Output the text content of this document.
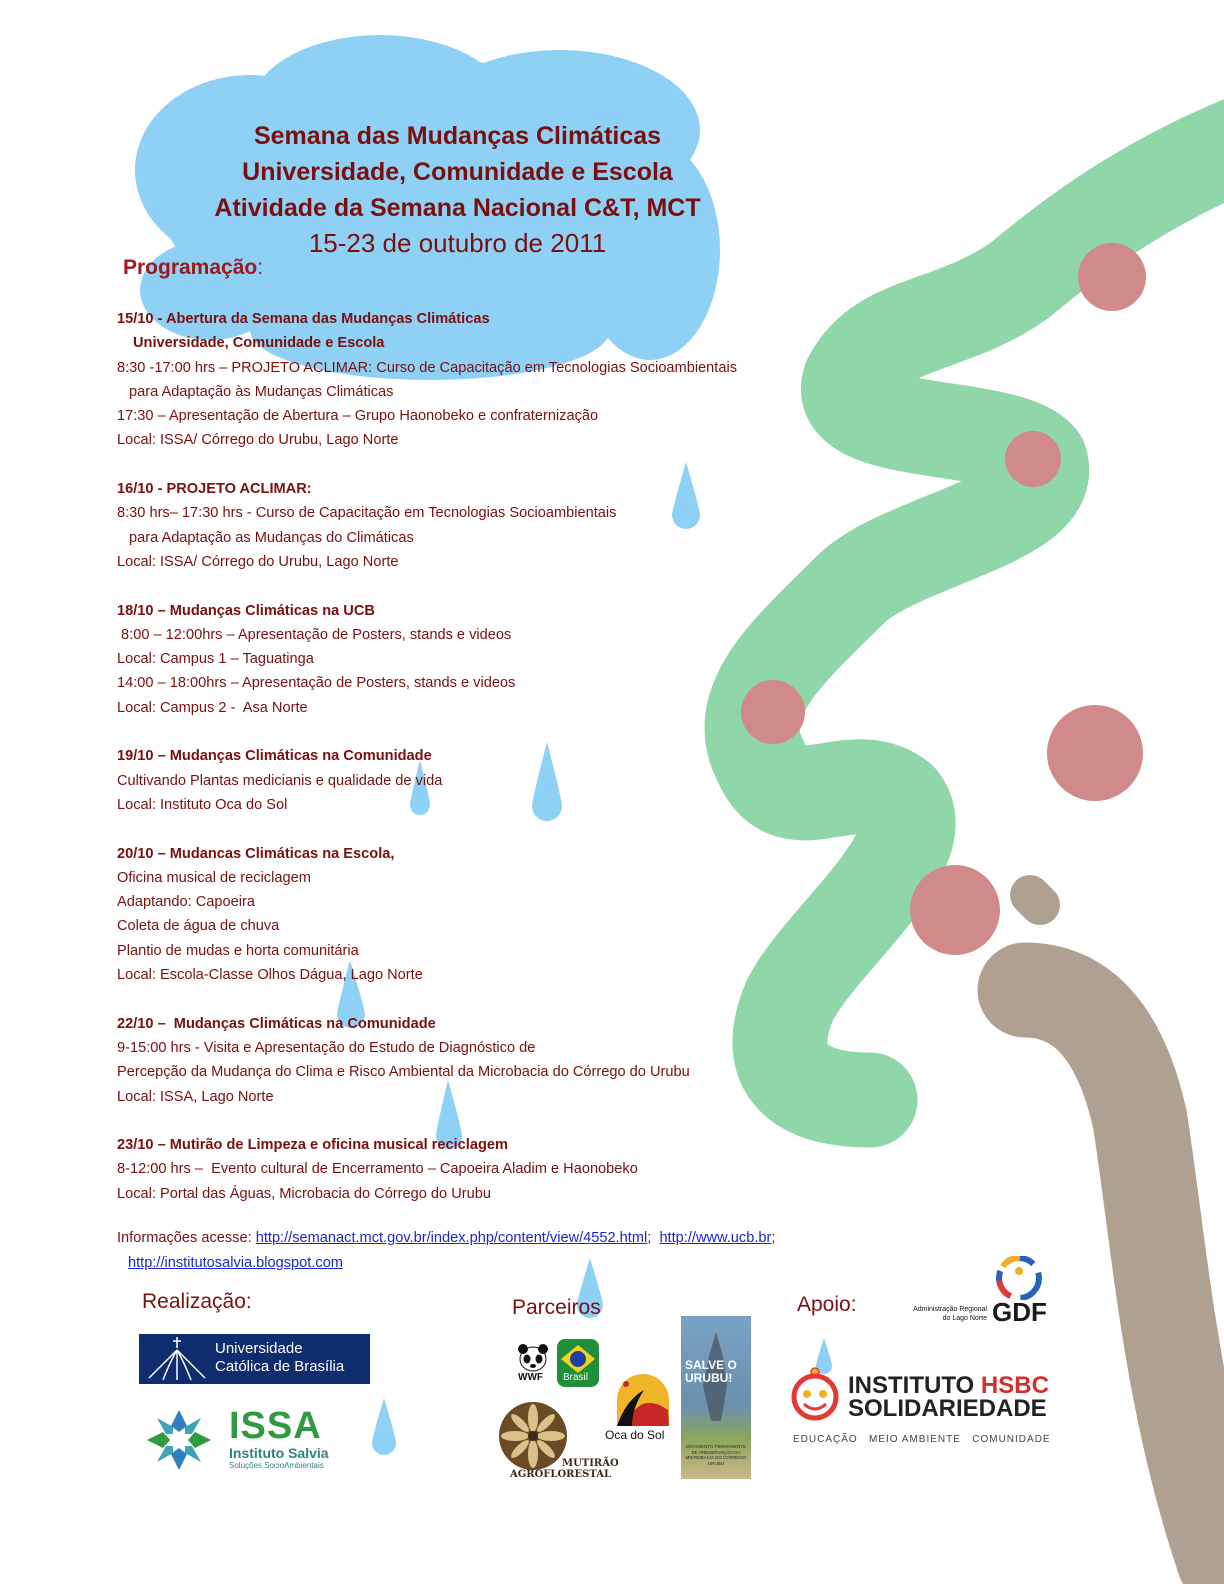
Semana das Mudanças Climáticas
Universidade, Comunidade e Escola
Atividade da Semana Nacional C&T, MCT
15-23 de outubro de 2011
Programação:
15/10 - Abertura da Semana das Mudanças Climáticas
Universidade, Comunidade e Escola
8:30 -17:00 hrs – PROJETO ACLIMAR: Curso de Capacitação em Tecnologias Socioambientais
para Adaptação às Mudanças Climáticas
17:30 – Apresentação de Abertura – Grupo Haonobeko e confraternização
Local: ISSA/ Córrego do Urubu, Lago Norte
16/10 - PROJETO ACLIMAR:
8:30 hrs– 17:30 hrs - Curso de Capacitação em Tecnologias Socioambientais
para Adaptação as Mudanças do Climáticas
Local: ISSA/ Córrego do Urubu, Lago Norte
18/10 – Mudanças Climáticas na UCB
8:00 – 12:00hrs – Apresentação de Posters, stands e videos
Local: Campus 1 – Taguatinga
14:00 – 18:00hrs – Apresentação de Posters, stands e videos
Local: Campus 2 -  Asa Norte
19/10 – Mudanças Climáticas na Comunidade
Cultivando Plantas medicianis e qualidade de vida
Local: Instituto Oca do Sol
20/10 – Mudancas Climáticas na Escola,
Oficina musical de reciclagem
Adaptando: Capoeira
Coleta de água de chuva
Plantio de mudas e horta comunitária
Local: Escola-Classe Olhos Dágua, Lago Norte
22/10 –  Mudanças Climáticas na Comunidade
9-15:00 hrs - Visita e Apresentação do Estudo de Diagnóstico de
Percepção da Mudança do Clima e Risco Ambiental da Microbacia do Córrego do Urubu
Local: ISSA, Lago Norte
23/10 – Mutirão de Limpeza e oficina musical reciclagem
8-12:00 hrs –  Evento cultural de Encerramento – Capoeira Aladim e Haonobeko
Local: Portal das Águas, Microbacia do Córrego do Urubu
Informações acesse: http://semanact.mct.gov.br/index.php/content/view/4552.html;  http://www.ucb.br;
http://institutosalvia.blogspot.com
Realização:	Parceiros	Apoio:
Universidade
Católica de Brasília
ISSA
Instituto Salvia
Soluções SocioAmbientais
WWF Brasil
Oca do Sol
MUTIRÃO
AGROFLORESTAL
SALVE O
URUBU!
MOVIMENTO PERMANENTE DE PRESERVAÇÃO DA MICROBACIA DO CÓRREGO URUBU
Administração Regional
do Lago Norte GDF
INSTITUTO HSBC
SOLIDARIEDADE
EDUCAÇÃO   MEIO AMBIENTE   COMUNIDADE
